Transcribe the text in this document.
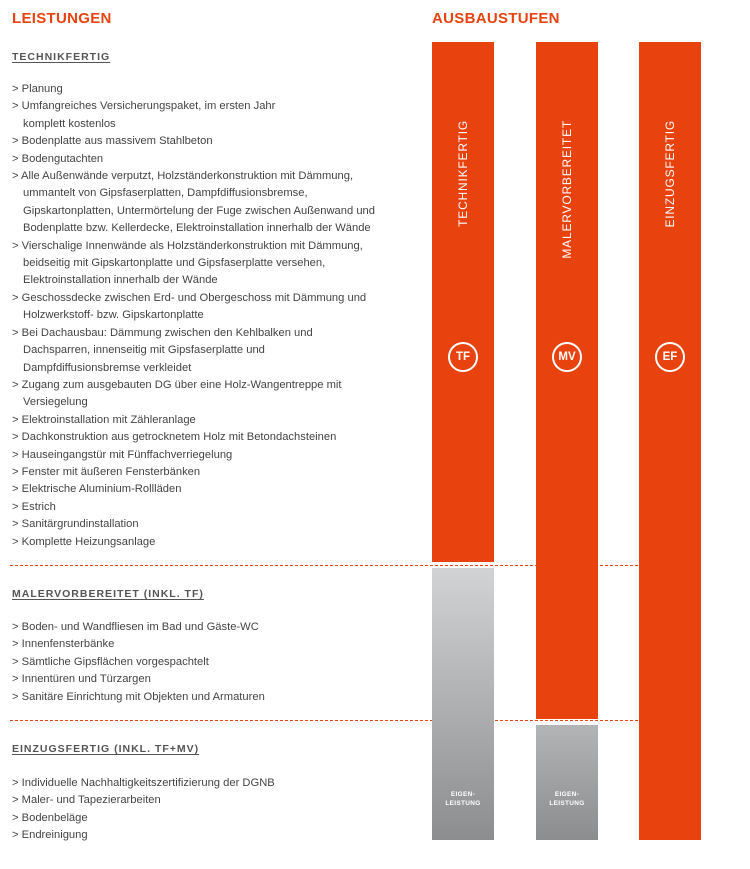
LEISTUNGEN	AUSBAUSTUFEN
TECHNIKFERTIG
> Planung
> Umfangreiches Versicherungspaket, im ersten Jahr komplett kostenlos
> Bodenplatte aus massivem Stahlbeton
> Bodengutachten
> Alle Außenwände verputzt, Holzständerkonstruktion mit Dämmung, ummantelt von Gipsfaserplatten, Dampfdiffusionsbremse, Gipskartonplatten, Untermörtelung der Fuge zwischen Außenwand und Bodenplatte bzw. Kellerdecke, Elektroinstallation innerhalb der Wände
> Vierschalige Innenwände als Holzständerkonstruktion mit Dämmung, beidseitig mit Gipskartonplatte und Gipsfaserplatte versehen, Elektroinstallation innerhalb der Wände
> Geschossdecke zwischen Erd- und Obergeschoss mit Dämmung und Holzwerkstoff- bzw. Gipskartonplatte
> Bei Dachausbau: Dämmung zwischen den Kehlbalken und Dachsparren, innenseitig mit Gipsfaserplatte und Dampfdiffusionsbremse verkleidet
> Zugang zum ausgebauten DG über eine Holz-Wangentreppe mit Versiegelung
> Elektroinstallation mit Zähleranlage
> Dachkonstruktion aus getrocknetem Holz mit Betondachsteinen
> Hauseingangstür mit Fünffachverriegelung
> Fenster mit äußeren Fensterbänken
> Elektrische Aluminium-Rollläden
> Estrich
> Sanitärgrundinstallation
> Komplette Heizungsanlage
MALERVORBEREITET (INKL. TF)
> Boden- und Wandfliesen im Bad und Gäste-WC
> Innenfensterbänke
> Sämtliche Gipsflächen vorgespachtelt
> Innentüren und Türzargen
> Sanitäre Einrichtung mit Objekten und Armaturen
EINZUGSFERTIG (INKL. TF+MV)
> Individuelle Nachhaltigkeitszertifizierung der DGNB
> Maler- und Tapezierarbeiten
> Bodenbeläge
> Endreinigung
TECHNIKFERTIG
TF
EIGEN-
LEISTUNG
MALERVORBEREITET
MV
EIGEN-
LEISTUNG
EINZUGSFERTIG
EF
